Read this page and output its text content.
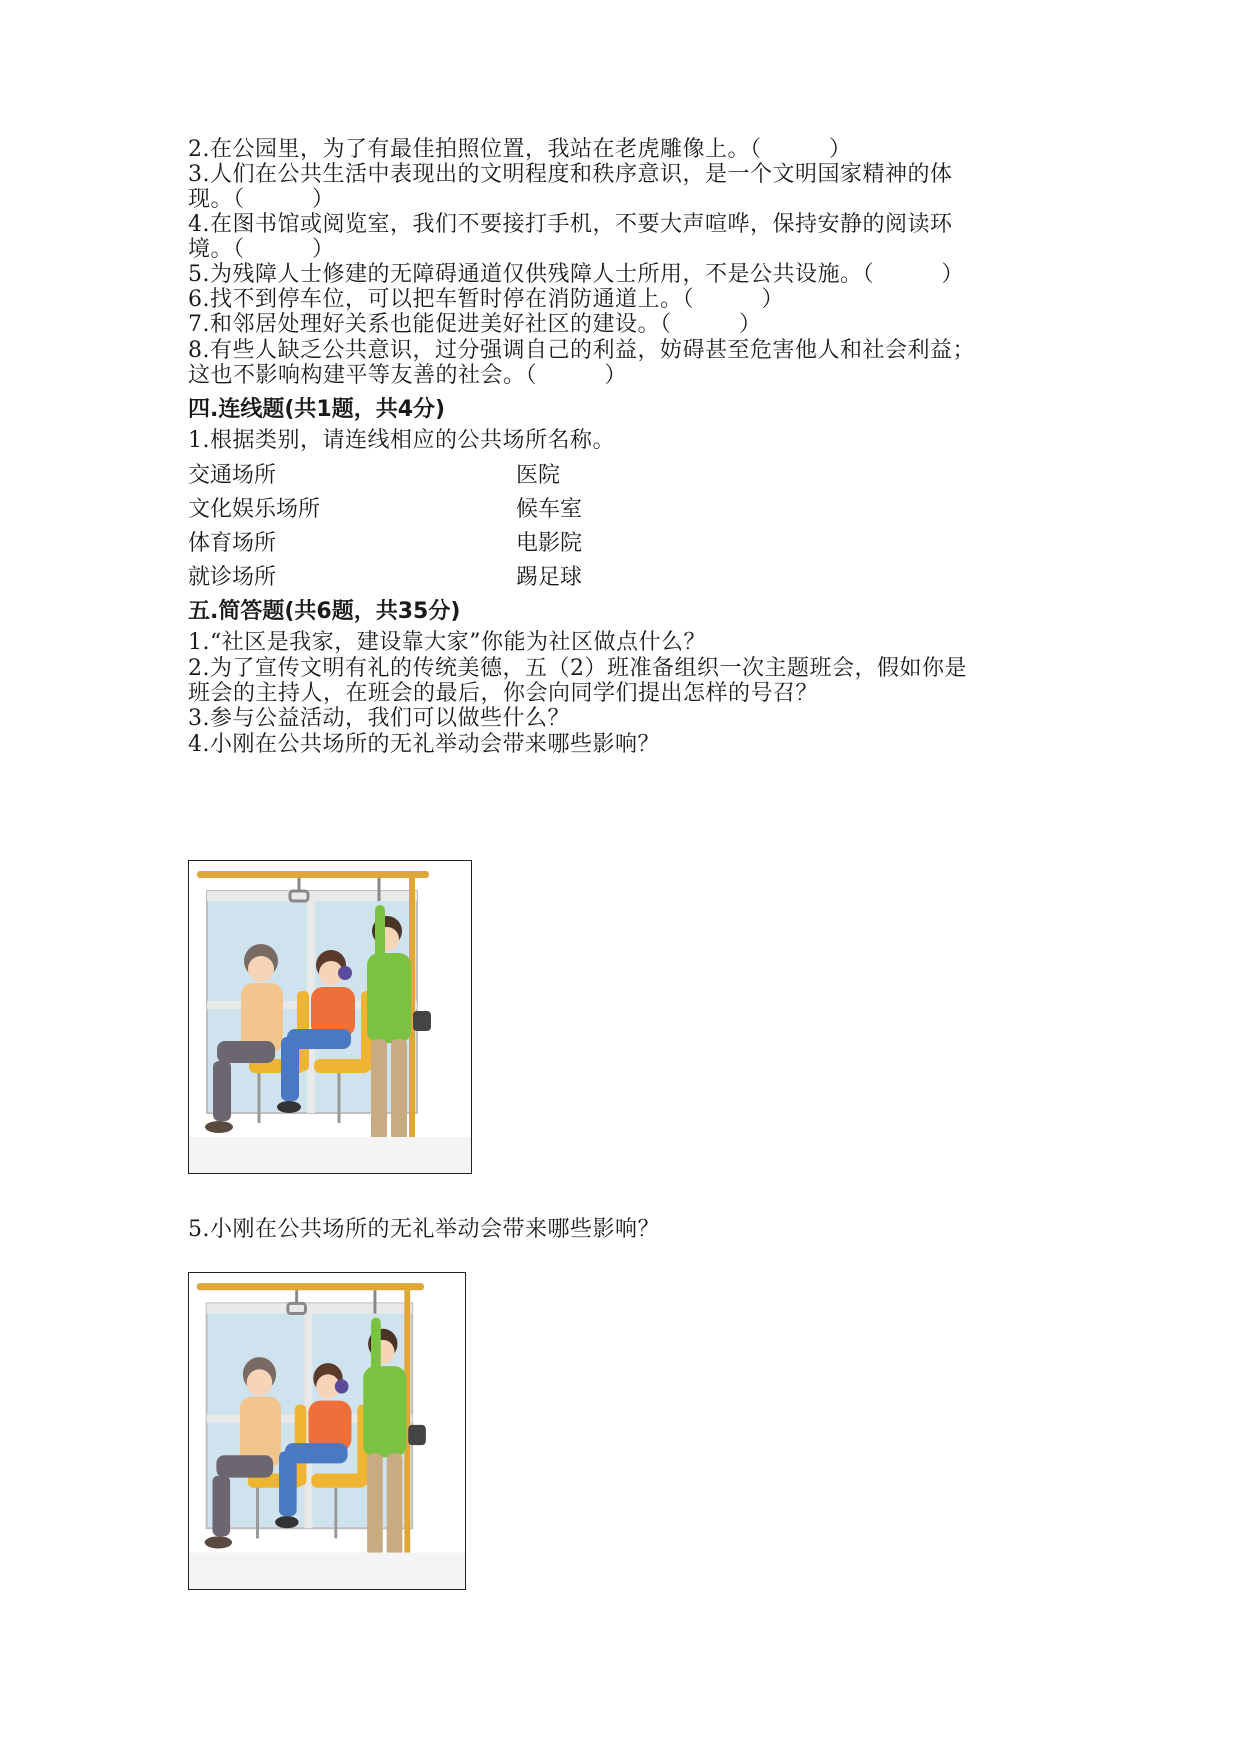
2.在公园里，为了有最佳拍照位置，我站在老虎雕像上。（　　　）
3.人们在公共生活中表现出的文明程度和秩序意识，是一个文明国家精神的体
现。（　　　）
4.在图书馆或阅览室，我们不要接打手机，不要大声喧哗，保持安静的阅读环
境。（　　　）
5.为残障人士修建的无障碍通道仅供残障人士所用，不是公共设施。（　　　）
6.找不到停车位，可以把车暂时停在消防通道上。（　　　）
7.和邻居处理好关系也能促进美好社区的建设。（　　　）
8.有些人缺乏公共意识，过分强调自己的利益，妨碍甚至危害他人和社会利益；
这也不影响构建平等友善的社会。（　　　）
四.连线题(共1题，共4分)
1.根据类别，请连线相应的公共场所名称。
交通场所
文化娱乐场所
体育场所
就诊场所
医院
候车室
电影院
踢足球
五.简答题(共6题，共35分)
1.“社区是我家，建设靠大家”你能为社区做点什么？
2.为了宣传文明有礼的传统美德，五（2）班准备组织一次主题班会，假如你是
班会的主持人，在班会的最后，你会向同学们提出怎样的号召？
3.参与公益活动，我们可以做些什么？
4.小刚在公共场所的无礼举动会带来哪些影响？
5.小刚在公共场所的无礼举动会带来哪些影响？
